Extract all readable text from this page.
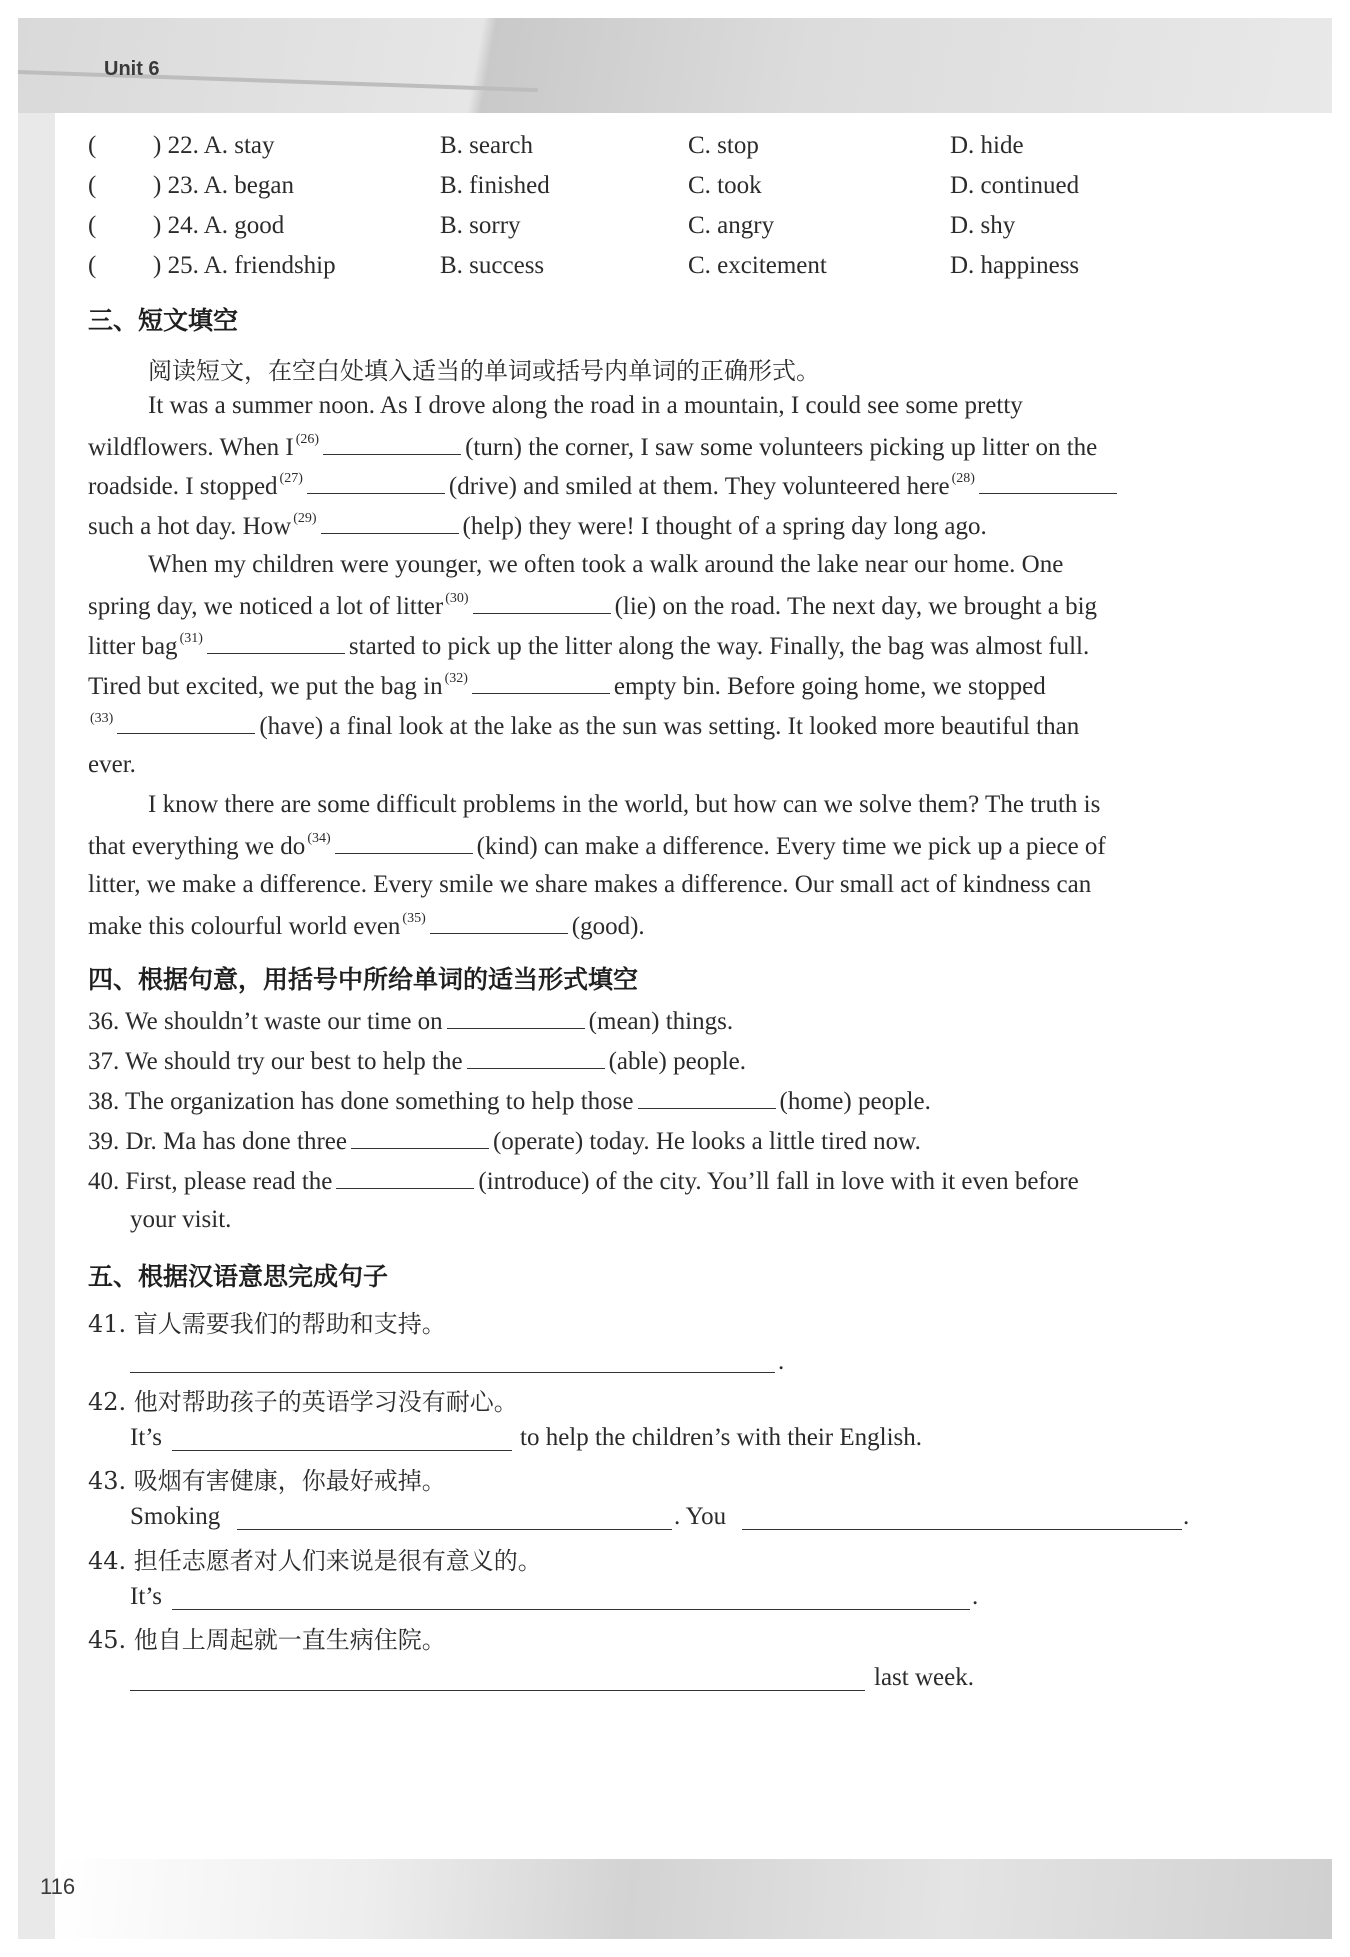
Unit 6
116
( ) 22. A. stay	B. search	C. stop	D. hide
( ) 23. A. began	B. finished	C. took	D. continued
( ) 24. A. good	B. sorry	C. angry	D. shy
( ) 25. A. friendship	B. success	C. excitement	D. happiness
三、短文填空
阅读短文，在空白处填入适当的单词或括号内单词的正确形式。
It was a summer noon. As I drove along the road in a mountain, I could see some pretty
wildflowers. When I $^{(26)}$	(turn) the corner, I saw some volunteers picking up litter on the
roadside. I stopped $^{(27)}$	(drive) and smiled at them. They volunteered here $^{(28)}$
such a hot day. How $^{(29)}$	(help) they were! I thought of a spring day long ago.
When my children were younger, we often took a walk around the lake near our home. One
spring day, we noticed a lot of litter $^{(30)}$	(lie) on the road. The next day, we brought a big
litter bag $^{(31)}$	started to pick up the litter along the way. Finally, the bag was almost full.
Tired but excited, we put the bag in $^{(32)}$	empty bin. Before going home, we stopped
$^{(33)}$	(have) a final look at the lake as the sun was setting. It looked more beautiful than
ever.
I know there are some difficult problems in the world, but how can we solve them? The truth is
that everything we do $^{(34)}$	(kind) can make a difference. Every time we pick up a piece of
litter, we make a difference. Every smile we share makes a difference. Our small act of kindness can
make this colourful world even $^{(35)}$	(good).
四、根据句意，用括号中所给单词的适当形式填空
36. We shouldn’t waste our time on	(mean) things.
37. We should try our best to help the	(able) people.
38. The organization has done something to help those	(home) people.
39. Dr. Ma has done three	(operate) today. He looks a little tired now.
40. First, please read the	(introduce) of the city. You’ll fall in love with it even before
your visit.
五、根据汉语意思完成句子
41. 盲人需要我们的帮助和支持。
.
42. 他对帮助孩子的英语学习没有耐心。
It’s	to help the children’s with their English.
43. 吸烟有害健康，你最好戒掉。
Smoking	. You	.
44. 担任志愿者对人们来说是很有意义的。
It’s	.
45. 他自上周起就一直生病住院。
last week.
